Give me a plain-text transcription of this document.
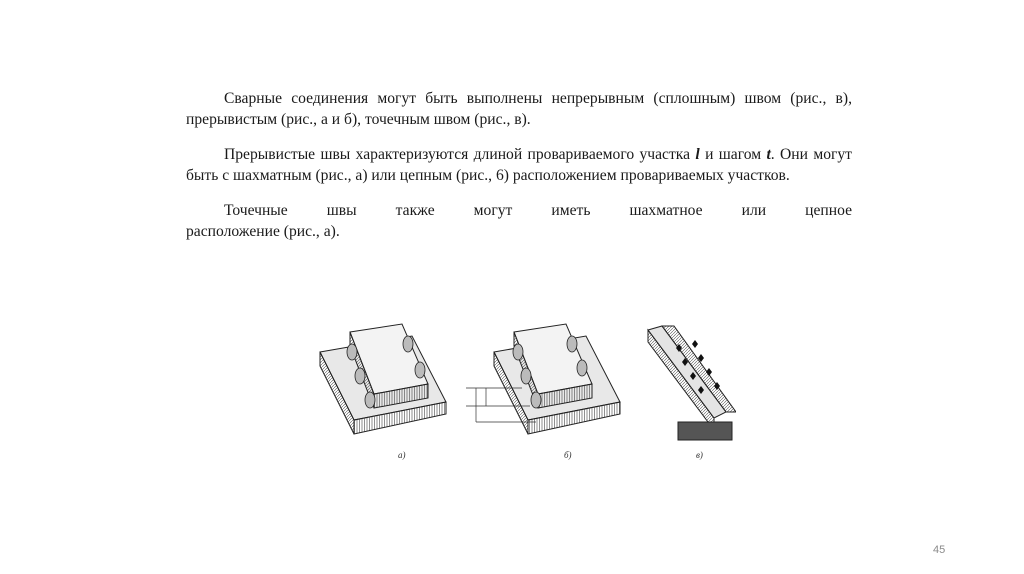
Сварные соединения могут быть выполнены непрерывным (сплошным) швом (рис., в), прерывистым (рис., а и б), точечным швом (рис., в).

Прерывистые швы характеризуются длиной провариваемого участка l и шагом t. Они могут быть с шахматным (рис., а) или цепным (рис., 6) расположением провариваемых участков.

Точечные швы также могут иметь шахматное или цепное
расположение (рис., а).

а)	б)	в)
45
